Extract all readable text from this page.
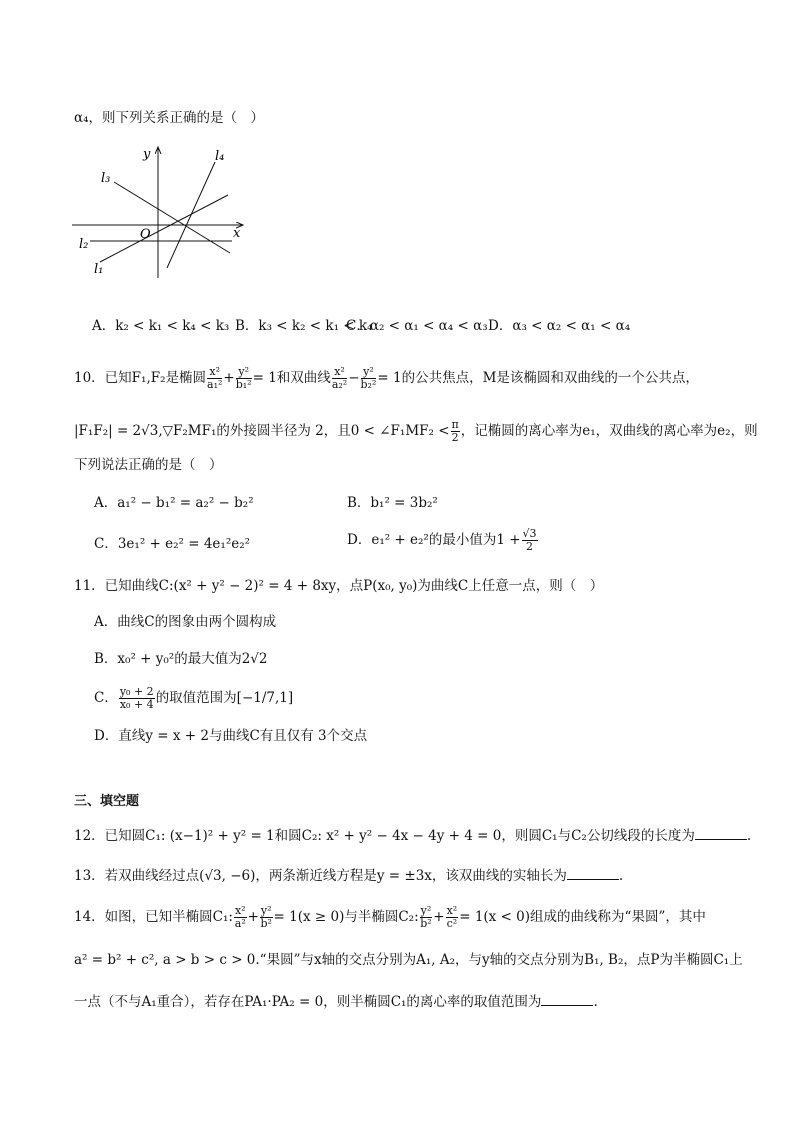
α₄，则下列关系正确的是（　）
y
x
O
l₁
l₂
l₃
l₄
A．k₂ < k₁ < k₄ < k₃ B．k₃ < k₂ < k₁ < k₄
C．α₂ < α₁ < α₄ < α₃ D．α₃ < α₂ < α₁ < α₄
10．已知F₁,F₂是椭圆 $\frac{\text{x²}}{\text{a₁²}} + \frac{\text{y²}}{\text{b₁²}} = 1$和双曲线 $\frac{\text{x²}}{\text{a₂²}} - \frac{\text{y²}}{\text{b₂²}} = 1$的公共焦点，M是该椭圆和双曲线的一个公共点，
|F₁F₂| = 2√3,▽F₂MF₁的外接圆半径为 2，且0 < ∠F₁MF₂ < $\frac{\pi}{2}$ ，记椭圆的离心率为e₁，双曲线的离心率为e₂，则
下列说法正确的是（　）
A．a₁² − b₁² = a₂² − b₂²	B．b₁² = 3b₂²
C．3e₁² + e₂² = 4e₁²e₂²	D．e₁² + e₂²的最小值为$1 + \frac{√3}{2}$
11．已知曲线C:(x² + y² − 2)² = 4 + 8xy，点P(x₀, y₀)为曲线C上任意一点，则（　）
A．曲线C的图象由两个圆构成
B．x₀² + y₀²的最大值为2√2
C． $\frac{\text{y₀ + 2}}{\text{x₀ + 4}}$ 的取值范围为[−1/7,1]
D．直线y = x + 2与曲线C有且仅有 3个交点
三、填空题
12．已知圆C₁: (x−1)² + y² = 1和圆C₂: x² + y² − 4x − 4y + 4 = 0，则圆C₁与C₂公切线段的长度为	.
13．若双曲线经过点(√3, −6)，两条渐近线方程是y = ±3x，该双曲线的实轴长为	.
14．如图，已知半椭圆C₁: $\frac{\text{x²}}{\text{a²}} + \frac{\text{y²}}{\text{b²}} = 1(x \ge 0)$与半椭圆C₂: $\frac{\text{y²}}{\text{b²}} + \frac{\text{x²}}{\text{c²}} = 1(x < 0)$组成的曲线称为“果圆”，其中
a² = b² + c², a > b > c > 0.“果圆”与x轴的交点分别为A₁, A₂，与y轴的交点分别为B₁, B₂，点P为半椭圆C₁上
一点（不与A₁重合），若存在PA₁·PA₂ = 0，则半椭圆C₁的离心率的取值范围为	.
